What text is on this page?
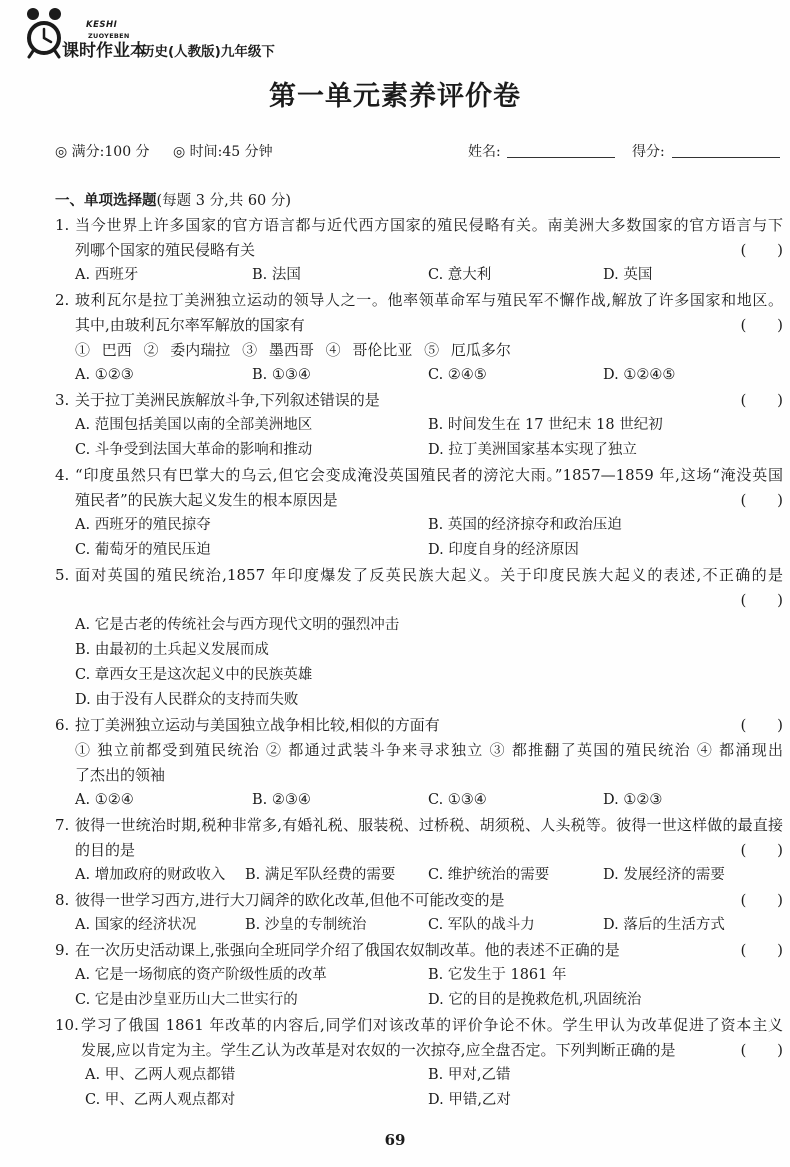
KESHI
ZUOYEBEN
课时作业本
历史(人教版)九年级下
第一单元素养评价卷
◎ 满分:100 分 ◎ 时间:45 分钟	姓名:	得分:
一、单项选择题(每题 3 分,共 60 分)
1. 当今世界上许多国家的官方语言都与近代西方国家的殖民侵略有关。南美洲大多数国家的官方语言与下
列哪个国家的殖民侵略有关	( )
A. 西班牙	B. 法国	C. 意大利	D. 英国
2. 玻利瓦尔是拉丁美洲独立运动的领导人之一。他率领革命军与殖民军不懈作战,解放了许多国家和地区。
其中,由玻利瓦尔率军解放的国家有	( )
① 巴西 ② 委内瑞拉 ③ 墨西哥 ④ 哥伦比亚 ⑤ 厄瓜多尔
A. ①②③	B. ①③④	C. ②④⑤	D. ①②④⑤
3. 关于拉丁美洲民族解放斗争,下列叙述错误的是	( )
A. 范围包括美国以南的全部美洲地区	B. 时间发生在 17 世纪末 18 世纪初
C. 斗争受到法国大革命的影响和推动	D. 拉丁美洲国家基本实现了独立
4. “印度虽然只有巴掌大的乌云,但它会变成淹没英国殖民者的滂沱大雨。”1857—1859 年,这场“淹没英国
殖民者”的民族大起义发生的根本原因是	( )
A. 西班牙的殖民掠夺	B. 英国的经济掠夺和政治压迫
C. 葡萄牙的殖民压迫	D. 印度自身的经济原因
5. 面对英国的殖民统治,1857 年印度爆发了反英民族大起义。关于印度民族大起义的表述,不正确的是
( )
A. 它是古老的传统社会与西方现代文明的强烈冲击
B. 由最初的土兵起义发展而成
C. 章西女王是这次起义中的民族英雄
D. 由于没有人民群众的支持而失败
6. 拉丁美洲独立运动与美国独立战争相比较,相似的方面有	( )
① 独立前都受到殖民统治 ② 都通过武装斗争来寻求独立 ③ 都推翻了英国的殖民统治 ④ 都涌现出
了杰出的领袖
A. ①②④	B. ②③④	C. ①③④	D. ①②③
7. 彼得一世统治时期,税种非常多,有婚礼税、服装税、过桥税、胡须税、人头税等。彼得一世这样做的最直接
的目的是	( )
A. 增加政府的财政收入 B. 满足军队经费的需要 C. 维护统治的需要	D. 发展经济的需要
8. 彼得一世学习西方,进行大刀阔斧的欧化改革,但他不可能改变的是	( )
A. 国家的经济状况	B. 沙皇的专制统治	C. 军队的战斗力	D. 落后的生活方式
9. 在一次历史活动课上,张强向全班同学介绍了俄国农奴制改革。他的表述不正确的是	( )
A. 它是一场彻底的资产阶级性质的改革	B. 它发生于 1861 年
C. 它是由沙皇亚历山大二世实行的	D. 它的目的是挽救危机,巩固统治
10. 学习了俄国 1861 年改革的内容后,同学们对该改革的评价争论不休。学生甲认为改革促进了资本主义
发展,应以肯定为主。学生乙认为改革是对农奴的一次掠夺,应全盘否定。下列判断正确的是	( )
A. 甲、乙两人观点都错	B. 甲对,乙错
C. 甲、乙两人观点都对	D. 甲错,乙对
69
